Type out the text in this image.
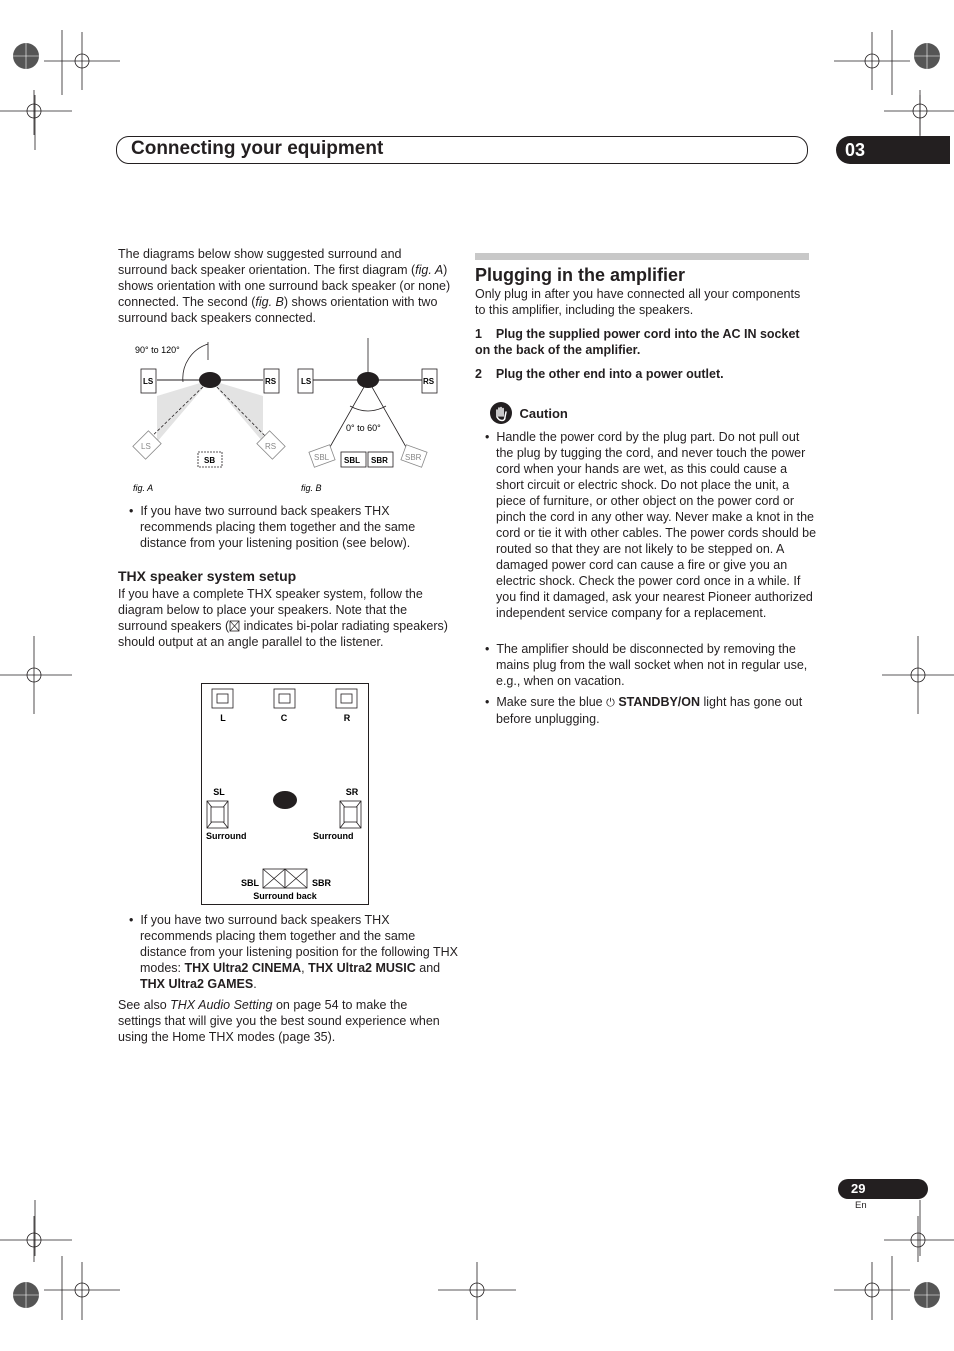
Connecting your equipment	03
The diagrams below show suggested surround and surround back speaker orientation. The first diagram (fig. A) shows orientation with one surround back speaker (or none) connected. The second (fig. B) shows orientation with two surround back speakers connected.
90° to 120°
LS	RS
LS	RS
SB
fig. A
LS	RS
0° to 60°
SBL	SBR
SBL SBR
fig. B
•  If you have two surround back speakers THX recommends placing them together and the same distance from your listening position (see below).
THX speaker system setup
If you have a complete THX speaker system, follow the diagram below to place your speakers. Note that the surround speakers ( indicates bi-polar radiating speakers) should output at an angle parallel to the listener.
L	C	R
SL	SR
Surround	Surround
SBL	SBR
Surround back
•  If you have two surround back speakers THX recommends placing them together and the same distance from your listening position for the following THX modes: THX Ultra2 CINEMA, THX Ultra2 MUSIC and THX Ultra2 GAMES.
See also THX Audio Setting on page 54 to make the settings that will give you the best sound experience when using the Home THX modes (page 35).
Plugging in the amplifier
Only plug in after you have connected all your components to this amplifier, including the speakers.
1    Plug the supplied power cord into the AC IN socket on the back of the amplifier.
2    Plug the other end into a power outlet.
Caution
•  Handle the power cord by the plug part. Do not pull out the plug by tugging the cord, and never touch the power cord when your hands are wet, as this could cause a short circuit or electric shock. Do not place the unit, a piece of furniture, or other object on the power cord or pinch the cord in any other way. Never make a knot in the cord or tie it with other cables. The power cords should be routed so that they are not likely to be stepped on. A damaged power cord can cause a fire or give you an electric shock. Check the power cord once in a while. If you find it damaged, ask your nearest Pioneer authorized independent service company for a replacement.
•  The amplifier should be disconnected by removing the mains plug from the wall socket when not in regular use, e.g., when on vacation.
•  Make sure the blue ⏻ STANDBY/ON light has gone out before unplugging.
29
En
